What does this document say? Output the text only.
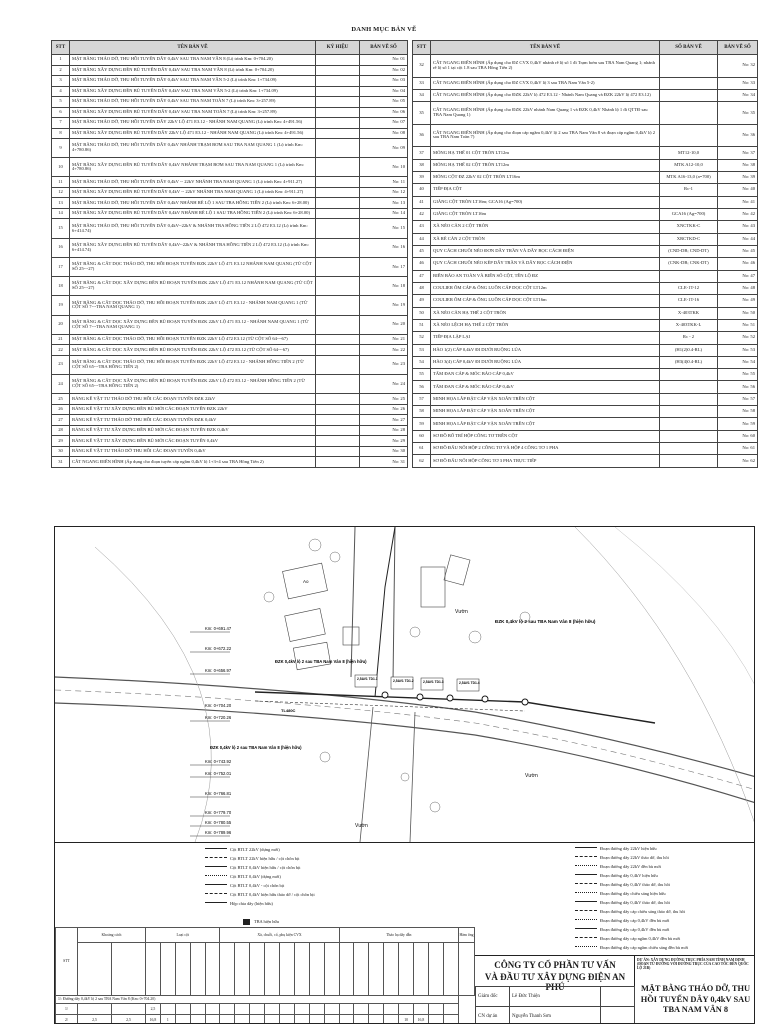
DANH MỤC BẢN VẼ
STT	TÊN BẢN VẼ	KÝ HIỆU	BẢN VẼ SỐ
1	MẶT BẰNG THÁO DỠ, THU HỒI TUYẾN DÂY 0,4kV SAU TBA NAM VÂN 8 (Lộ trình Km: 0+704.20)		No: 01
2	MẶT BẰNG XÂY DỰNG ĐỀN BÙ TUYẾN DÂY 0,4kV SAU TBA NAM VÂN 8 (Lộ trình Km: 0+704.20)		No: 02
3	MẶT BẰNG THÁO DỠ, THU HỒI TUYẾN DÂY 0,4kV SAU TBA NAM VÂN 5-2 (Lộ trình Km: 1+734.09)		No: 03
4	MẶT BẰNG XÂY DỰNG ĐỀN BÙ TUYẾN DÂY 0,4kV SAU TBA NAM VÂN 5-2 (Lộ trình Km: 1+734.09)		No: 04
5	MẶT BẰNG THÁO DỠ, THU HỒI TUYẾN DÂY 0,4kV SAU TBA NAM TOÀN 7 (Lộ trình Km: 3+257.89)		No: 05
6	MẶT BẰNG XÂY DỰNG ĐỀN BÙ TUYẾN DÂY 0,4kV SAU TBA NAM TOÀN 7 (Lộ trình Km: 3+257.89)		No: 06
7	MẶT BẰNG THÁO DỠ, THU HỒI TUYẾN DÂY 22kV LỘ 471 E3.12 - NHÁNH NAM QUANG (Lộ trình Km: 4+491.56)		No: 07
8	MẶT BẰNG XÂY DỰNG ĐỀN BÙ TUYẾN DÂY 22kV LỘ 471 E3.12 - NHÁNH NAM QUANG (Lộ trình Km: 4+491.56)		No: 08
9	MẶT BẰNG THÁO DỠ, THU HỒI TUYẾN DÂY 0,4kV NHÁNH TRẠM BƠM SAU TBA NAM QUANG 1 (Lộ trình Km: 4+780.86)		No: 09
10	MẶT BẰNG XÂY DỰNG ĐỀN BÙ TUYẾN DÂY 0,4kV NHÁNH TRẠM BƠM SAU TBA NAM QUANG 1 (Lộ trình Km: 4+780.86)		No: 10
11	MẶT BẰNG THÁO DỠ, THU HỒI TUYẾN DÂY 0,4kV -- 22kV NHÁNH TBA NAM QUANG 1 (Lộ trình Km: 4+911.27)		No: 11
12	MẶT BẰNG XÂY DỰNG ĐỀN BÙ TUYẾN DÂY 0,4kV -- 22kV NHÁNH TBA NAM QUANG 1 (Lộ trình Km: 4+911.27)		No: 12
13	MẶT BẰNG THÁO DỠ, THU HỒI TUYẾN DÂY 0,4kV NHÁNH RẼ LỘ 1 SAU TBA HỒNG TIẾN 2 (Lộ trình Km: 6+28.00)		No: 13
14	MẶT BẰNG XÂY DỰNG ĐỀN BÙ TUYẾN DÂY 0,4kV NHÁNH RẼ LỘ 1 SAU TBA HỒNG TIẾN 2 (Lộ trình Km: 6+28.00)		No: 14
15	MẶT BẰNG THÁO DỠ, THU HỒI TUYẾN DÂY 0,4kV--22kV & NHÁNH TBA HỒNG TIẾN 2 LỘ 472 E3.12 (Lộ trình Km: 6+414.74)		No: 15
16	MẶT BẰNG XÂY DỰNG ĐỀN BÙ TUYẾN DÂY 0,4kV--22kV & NHÁNH TBA HỒNG TIẾN 2 LỘ 472 E3.12 (Lộ trình Km: 6+414.74)		No: 16
17	MẶT BẰNG & CẮT DỌC THÁO DỠ, THU HỒI ĐOẠN TUYẾN ĐZK 22kV LỘ 471 E3.12 NHÁNH NAM QUANG (TỪ CỘT SỐ 25---27)		No: 17
18	MẶT BẰNG & CẮT DỌC XÂY DỰNG ĐỀN BÙ ĐOẠN TUYẾN ĐZK 22kV LỘ 471 E3.12 NHÁNH NAM QUANG (TỪ CỘT SỐ 25---27)		No: 18
19	MẶT BẰNG & CẮT DỌC THÁO DỠ, THU HỒI ĐOẠN TUYẾN ĐZK 22kV LỘ 471 E3.12 - NHÁNH NAM QUANG 1 (TỪ CỘT SỐ 7---TBA NAM QUANG 1)		No: 19
20	MẶT BẰNG & CẮT DỌC XÂY DỰNG ĐỀN BÙ ĐOẠN TUYẾN ĐZK 22kV LỘ 471 E3.12 - NHÁNH NAM QUANG 1 (TỪ CỘT SỐ 7---TBA NAM QUANG 1)		No: 20
21	MẶT BẰNG & CẮT DỌC THÁO DỠ, THU HỒI ĐOẠN TUYẾN ĐZK 22kV LỘ 472 E3.12 (TỪ CỘT SỐ 64---67)		No: 21
22	MẶT BẰNG & CẮT DỌC XÂY DỰNG ĐỀN BÙ ĐOẠN TUYẾN ĐZK 22kV LỘ 472 E3.12 (TỪ CỘT SỐ 64---67)		No: 22
23	MẶT BẰNG & CẮT DỌC THÁO DỠ, THU HỒI ĐOẠN TUYẾN ĐZK 22kV LỘ 472 E3.12 - NHÁNH HỒNG TIẾN 2 (TỪ CỘT SỐ 65---TBA HỒNG TIẾN 2)		No: 23
24	MẶT BẰNG & CẮT DỌC XÂY DỰNG ĐỀN BÙ ĐOẠN TUYẾN ĐZK 22kV LỘ 472 E3.12 - NHÁNH HỒNG TIẾN 2 (TỪ CỘT SỐ 65---TBA HỒNG TIẾN 2)		No: 24
25	BẢNG KÊ VẬT TƯ THÁO DỠ THU HỒI CÁC ĐOẠN TUYẾN ĐZK 22kV		No: 25
26	BẢNG KÊ VẬT TƯ XÂY DỰNG ĐỀN BÙ MỚI CÁC ĐOẠN TUYẾN ĐZK 22kV		No: 26
27	BẢNG KÊ VẬT TƯ THÁO DỠ THU HỒI CÁC ĐOẠN TUYẾN ĐZK 0,4kV		No: 27
28	BẢNG KÊ VẬT TƯ XÂY DỰNG ĐỀN BÙ MỚI CÁC ĐOẠN TUYẾN ĐZK 0,4kV		No: 28
29	BẢNG KÊ VẬT TƯ XÂY DỰNG ĐỀN BÙ MỚI CÁC ĐOẠN TUYẾN 0,4kV		No: 29
30	BẢNG KÊ VẬT TƯ THÁO DỠ THU HỒI CÁC ĐOẠN TUYẾN 0,4kV		No: 30
31	CẮT NGANG ĐIỂN HÌNH (Áp dụng cho đoạn tuyến cáp ngầm 0,4kV lộ 1+3+4 sau TBA Hồng Tiến 2)		No: 31
STT	TÊN BẢN VẼ	SỐ BẢN VẼ	BẢN VẼ SỐ
32	CẮT NGANG ĐIỂN HÌNH (Áp dụng cho ĐZ CVX 0,4kV nhánh rẽ lộ số 1 đi Trạm bơm sau TBA Nam Quang 1; nhánh rẽ lộ số 1 tại cột 1.8 sau TBA Hồng Tiến 2)		No: 32
33	CẮT NGANG ĐIỂN HÌNH (Áp dụng cho ĐZ CVX 0,4kV lộ 3 sau TBA Nam Vân 5-2)		No: 33
34	CẮT NGANG ĐIỂN HÌNH (Áp dụng cho ĐZK 22kV lộ 472 E3.12 - Nhánh Nam Quang và ĐZK 22kV lộ 472 E3.12)		No: 34
35	CẮT NGANG ĐIỂN HÌNH (Áp dụng cho ĐZK 22kV nhánh Nam Quang 1 và ĐZK 0,4kV Nhánh lộ 1 đi QTTĐ sau TBA Nam Quang 1)		No: 35
36	CẮT NGANG ĐIỂN HÌNH (Áp dụng cho đoạn cáp ngầm 0,4kV lộ 2 sau TBA Nam Vân 8 và đoạn cáp ngầm 0,4kV lộ 2 sau TBA Nam Toàn 7)		No: 36
37	MÓNG HẠ THẾ 01 CỘT TRÒN LT12m	MT12-10,0	No: 37
38	MÓNG HẠ THẾ 02 CỘT TRÒN LT12m	MTK A12-10,0	No: 38
39	MÓNG CỘT ĐZ 22kV 02 CỘT TRÒN LT16m	MTK A16-13,0 (a=700)	No: 39
40	TIẾP ĐỊA CỘT	Rc-1	No: 40
41	GIẰNG CỘT TRÒN LT16m; GCA16 (Ag=700)		No: 41
42	GIẰNG CỘT TRÒN LT16m	GCA16 (Ag=700)	No: 42
43	XÀ NÉO CĂN 2 CỘT TRÒN	XNCTKK-C	No: 43
44	XÀ RẼ CĂN 2 CỘT TRÒN	XRCTKD-C	No: 44
45	QUY CÁCH CHUỖI NÉO ĐƠN DÂY TRẦN VÀ DÂY BỌC CÁCH ĐIỆN	(CND-DB; CND-DT)	No: 45
46	QUY CÁCH CHUỖI NÉO KÉP DÂY TRẦN VÀ DÂY BỌC CÁCH ĐIỆN	(CNK-DB; CNK-DT)	No: 46
47	BIỂN BÁO AN TOÀN VÀ BIỂN SỐ CỘT, TÊN LỘ ĐZ		No: 47
48	COULIER ÔM CÁP & ỐNG LUỒN CÁP DỌC CỘT LT12m	CLE-1T-12	No: 48
49	COULIER ÔM CÁP & ỐNG LUỒN CÁP DỌC CỘT LT16m	CLE-1T-16	No: 49
50	XÀ NÉO CĂN HẠ THẾ 2 CỘT TRÒN	X-403TKK	No: 50
51	XÀ NÉO LỆCH HẠ THẾ 2 CỘT TRÒN	X-403TKK-L	No: 51
52	TIẾP ĐỊA LẶP LẠI	Rc - 2	No: 52
53	HÀO 1(2) CÁP 0,4kV ĐI DƯỚI RUỘNG LÚA	(H1(2)0.4-RL)	No: 53
54	HÀO 3(4) CÁP 0,4kV ĐI DƯỚI RUỘNG LÚA	(H3(4)0.4-RL)	No: 54
55	TẤM ĐAN CÁP & MÓC BÁO CÁP 0,4kV		No: 55
56	TẤM ĐAN CÁP & MÓC BÁO CÁP 0,4kV		No: 56
57	MINH HỌA LẮP ĐẶT CÁP VẶN XOẮN TRÊN CỘT		No: 57
58	MINH HỌA LẮP ĐẶT CÁP VẶN XOẮN TRÊN CỘT		No: 58
59	MINH HỌA LẮP ĐẶT CÁP VẶN XOẮN TRÊN CỘT		No: 59
60	SƠ ĐỒ BỐ TRÍ HỘP CÔNG TƠ TRÊN CỘT		No: 60
61	SƠ ĐỒ ĐẤU NỐI HỘP 2 CÔNG TƠ VÀ HỘP 4 CÔNG TƠ 1 PHA		No: 61
62	SƠ ĐỒ ĐẤU NỐI HỘP CÔNG TƠ 3 PHA TRỰC TIẾP		No: 62
2,5AV1 TD1.1	2,5AV1 TD1.2	2,5AV1 TD1.3	2,5AV1 TD1.4
ĐZK 0,4kV lộ 2 sau TBA Nam Vân 8 (hiện hữu)
ĐZK 0,4kV lộ 2 sau TBA Nam Vân 8 (hiện hữu)
ĐZK 0,4kV lộ 2 sau TBA Nam Vân 8 (hiện hữu)
Vườn
Vườn
Vườn
Ao
TL480C
Km: 0+691.47
Km: 0+672.22
Km: 0+656.97
Km: 0+704.20
Km: 0+720.26
Km: 0+743.92
Km: 0+752.01
Km: 0+766.81
Km: 0+779.70
Km: 0+780.55
Km: 0+789.96
Cột BTLT 22kV (dựng mới)
Cột BTLT 22kV hiện hữu / cột chôn bịt
Cột BTLT 0,4kV hiện hữu / cột chôn bịt
Cột BTLT 0,4kV (dựng mới)
Cột BTLT 0,4kV - cột chôn bịt
Cột BTLT 0,4kV hiện hữu tháo dỡ / cột chôn bịt
Hộp chia dây (hiện hữu)
TBA hiện hữu
STT	Khoảng cách		Loại cột					Xà, chuỗi, cổ, phụ kiện CVX								Tháo hạ dây dẫn								Hàm ống

1/: Đường dây 0,4kV lộ 2 sau TBA Nam Vân 8 (Km: 0+704.20)																								
1/			2,5																					
2/	2,5	2,5	16,8	1																10	16,8			
Đoạn đường dây 22kV hiện hữu
Đoạn đường dây 22kV tháo dỡ, thu hồi
Đoạn đường dây 22kV đền bù mới
Đoạn đường dây 0,4kV hiện hữu
Đoạn đường dây 0,4kV tháo dỡ, thu hồi
Đoạn đường dây chiếu sáng hiện hữu
Đoạn đường dây 0,4kV tháo dỡ, thu hồi
Đoạn đường dây cáp chiếu sáng tháo dỡ, thu hồi
Đoạn đường dây cáp 0,4kV đền bù mới
Đoạn đường dây cáp 0,4kV đền bù mới
Đoạn đường dây cáp ngầm 0,4kV đền bù mới
Đoạn đường dây cáp ngầm chiếu sáng đền bù mới
CÔNG TY CỔ PHẦN TƯ VẤN
VÀ ĐẦU TƯ XÂY DỰNG ĐIỆN AN PHÚ
Giám đốc	Lê Đức Thiện	
CN dự án	Nguyễn Thanh Sơn	
DỰ ÁN: XÂY DỰNG ĐƯỜNG TRỤC PHÍA NAM TỈNH NAM ĐỊNH (ĐOẠN TỪ ĐƯỜNG VỚI ĐƯỜNG TRỤC CỦA CAO TỐC ĐẾN QUỐC LỘ 21B)
MẶT BẰNG THÁO DỠ, THU HỒI TUYẾN DÂY 0,4kV SAU TBA NAM VÂN 8
